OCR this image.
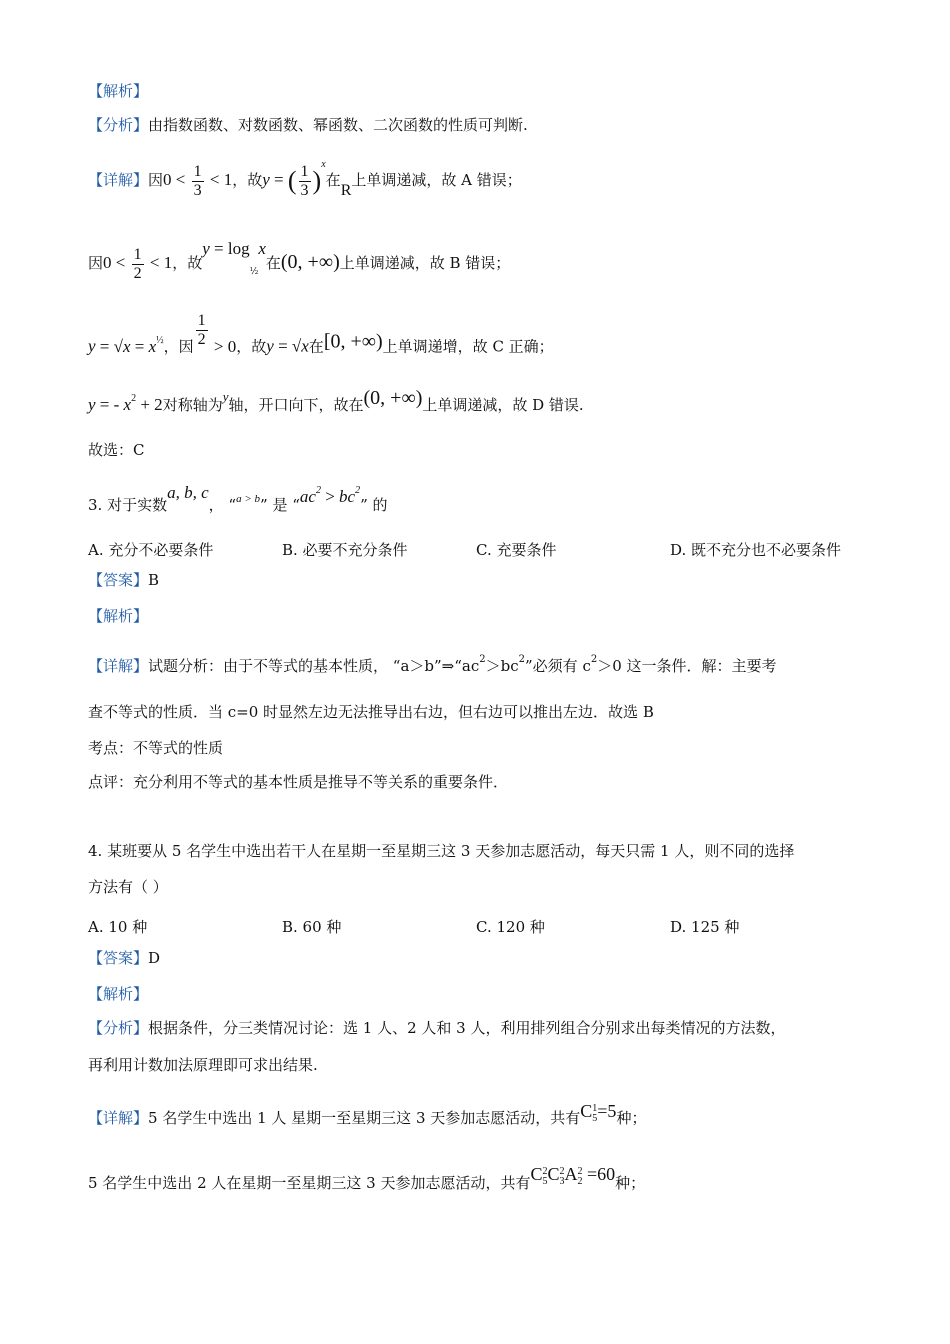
【解析】
【分析】由指数函数、对数函数、幂函数、二次函数的性质可判断.
【详解】因$0 < \frac{1}{3} < 1$，故y = ( $\frac{1}{3} )^x$在R上单调递减，故 A 错误；
因$0 < \frac{1}{2} < 1$，故$y = \log_{\frac{1}{2}}x$在(0, +∞)上单调递减，故 B 错误；
$y = √x = x^{\frac{1}{2}}$，因 $\frac{1}{2} > 0$，故y = √x在[0, +∞)上单调递增，故 C 正确；
y = - $x^2 + 2$对称轴为y轴，开口向下，故在(0, +∞)上单调递减，故 D 错误.
故选：C
3. 对于实数a, b, c， “$^{a > b}$” 是 “$ac^2 > bc^2$” 的
A. 充分不必要条件	B. 必要不充分条件	C. 充要条件	D. 既不充分也不必要条件
【答案】B
【解析】
【详解】试题分析：由于不等式的基本性质， “$a>b”\Rightarrow“ac^2>bc^2$”必须有 $c^2>0$ 这一条件．解：主要考
查不等式的性质．当 c=0 时显然左边无法推导出右边，但右边可以推出左边．故选 B
考点：不等式的性质
点评：充分利用不等式的基本性质是推导不等关系的重要条件．
4. 某班要从 5 名学生中选出若干人在星期一至星期三这 3 天参加志愿活动，每天只需 1 人，则不同的选择
方法有（ ）
A. 10 种	B. 60 种	C. 120 种	D. 125 种
【答案】D
【解析】
【分析】根据条件，分三类情况讨论：选 1 人、2 人和 3 人，利用排列组合分别求出每类情况的方法数，
再利用计数加法原理即可求出结果.
【详解】5 名学生中选出 1 人 星期一至星期三这 3 天参加志愿活动，共有C 1
5 =5种；
5 名学生中选出 2 人在星期一至星期三这 3 天参加志愿活动，共有C 2
5 C 2
3 A 2
2 =60种；
